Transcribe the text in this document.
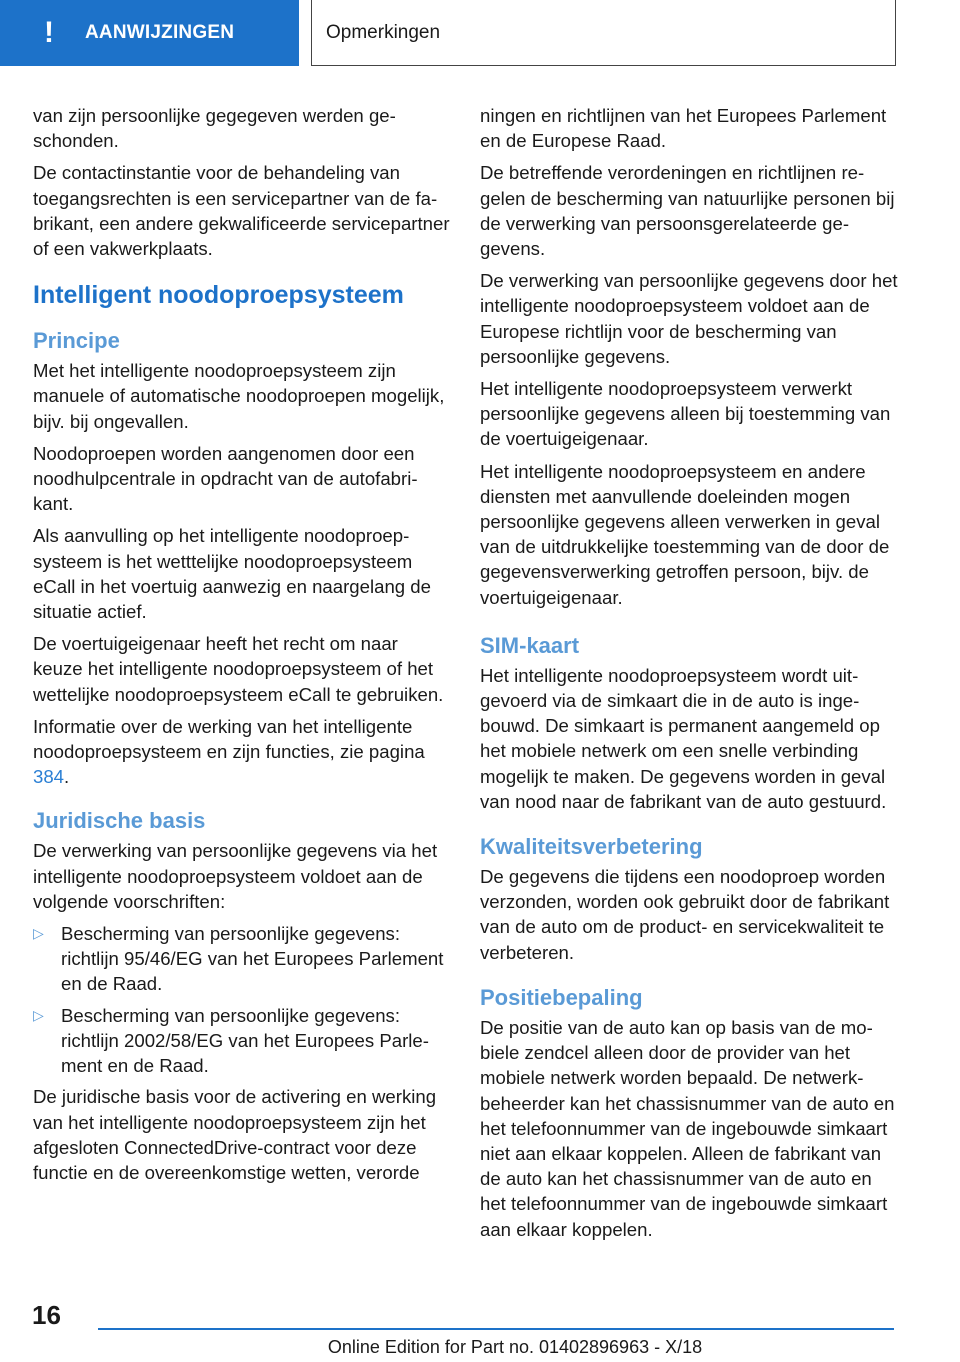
! AANWIJZINGEN	Opmerkingen

van zijn persoonlijke gegegeven werden geschonden.

De contactinstantie voor de behandeling van toegangsrechten is een servicepartner van de fabrikant, een andere gekwalificeerde servicepartner of een vakwerkplaats.

Intelligent noodoproepsysteem
Principe

Met het intelligente noodoproepsysteem zijn manuele of automatische noodoproepen mogelijk, bijv. bij ongevallen.

Noodoproepen worden aangenomen door een noodhulpcentrale in opdracht van de autofabrikant.

Als aanvulling op het intelligente noodoproepsysteem is het wetttelijke noodoproepsysteem eCall in het voertuig aanwezig en naargelang de situatie actief.

De voertuigeigenaar heeft het recht om naar keuze het intelligente noodoproepsysteem of het wettelijke noodoproepsysteem eCall te gebruiken.

Informatie over de werking van het intelligente noodoproepsysteem en zijn functies, zie pagina 384.

Juridische basis

De verwerking van persoonlijke gegevens via het intelligente noodoproepsysteem voldoet aan de volgende voorschriften:

▷ Bescherming van persoonlijke gegevens: richtlijn 95/46/EG van het Europees Parlement en de Raad.
▷ Bescherming van persoonlijke gegevens: richtlijn 2002/58/EG van het Europees Parlement en de Raad.

De juridische basis voor de activering en werking van het intelligente noodoproepsysteem zijn het afgesloten ConnectedDrive-contract voor deze functie en de overeenkomstige wetten, verorde

ningen en richtlijnen van het Europees Parlement en de Europese Raad.

De betreffende verordeningen en richtlijnen regelen de bescherming van natuurlijke personen bij de verwerking van persoonsgerelateerde gegevens.

De verwerking van persoonlijke gegevens door het intelligente noodoproepsysteem voldoet aan de Europese richtlijn voor de bescherming van persoonlijke gegevens.

Het intelligente noodoproepsysteem verwerkt persoonlijke gegevens alleen bij toestemming van de voertuigeigenaar.

Het intelligente noodoproepsysteem en andere diensten met aanvullende doeleinden mogen persoonlijke gegevens alleen verwerken in geval van de uitdrukkelijke toestemming van de door de gegevensverwerking getroffen persoon, bijv. de voertuigeigenaar.

SIM-kaart

Het intelligente noodoproepsysteem wordt uitgevoerd via de simkaart die in de auto is ingebouwd. De simkaart is permanent aangemeld op het mobiele netwerk om een snelle verbinding mogelijk te maken. De gegevens worden in geval van nood naar de fabrikant van de auto gestuurd.

Kwaliteitsverbetering

De gegevens die tijdens een noodoproep worden verzonden, worden ook gebruikt door de fabrikant van de auto om de product- en servicekwaliteit te verbeteren.

Positiebepaling

De positie van de auto kan op basis van de mobiele zendcel alleen door de provider van het mobiele netwerk worden bepaald. De netwerkbeheerder kan het chassisnummer van de auto en het telefoonnummer van de ingebouwde simkaart niet aan elkaar koppelen. Alleen de fabrikant van de auto kan het chassisnummer van de auto en het telefoonnummer van de ingebouwde simkaart aan elkaar koppelen.

16
Online Edition for Part no. 01402896963 - X/18
